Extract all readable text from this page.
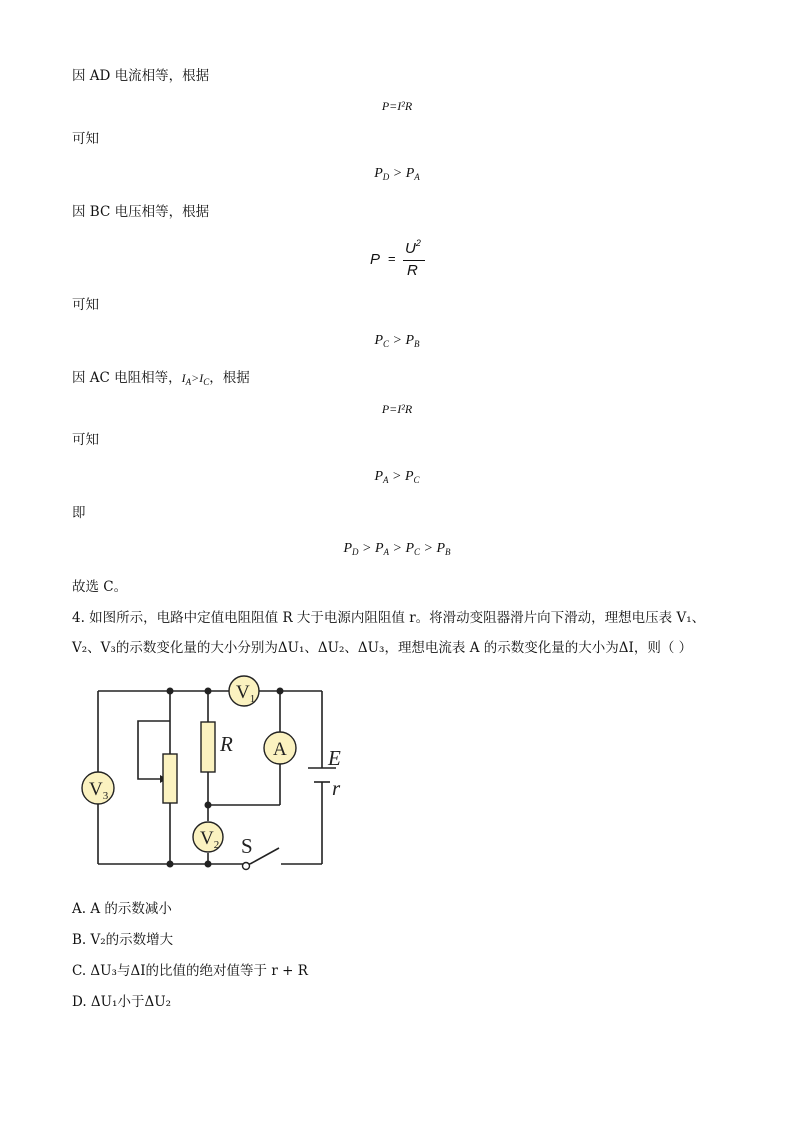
因 AD 电流相等，根据
P=I²R
可知
$P_D > P_A$
因 BC 电压相等，根据
P =
$U^2$
R
可知
$P_C > P_B$
因 AC 电阻相等，$I_A>I_C$，根据
P=I²R
可知
$P_A > P_C$
即
$P_D > P_A > P_C > P_B$
故选 C。
4. 如图所示，电路中定值电阻阻值 R 大于电源内阻阻值 r。将滑动变阻器滑片向下滑动，理想电压表 V₁、
V₂、V₃的示数变化量的大小分别为ΔU₁、ΔU₂、ΔU₃，理想电流表 A 的示数变化量的大小为ΔI，则（ ）
$V_1$
A
$V_3$
$V_2$
R
E
r
S
A. A 的示数减小
B. V₂的示数增大
C. ΔU₃与ΔI的比值的绝对值等于 r + R
D. ΔU₁小于ΔU₂
